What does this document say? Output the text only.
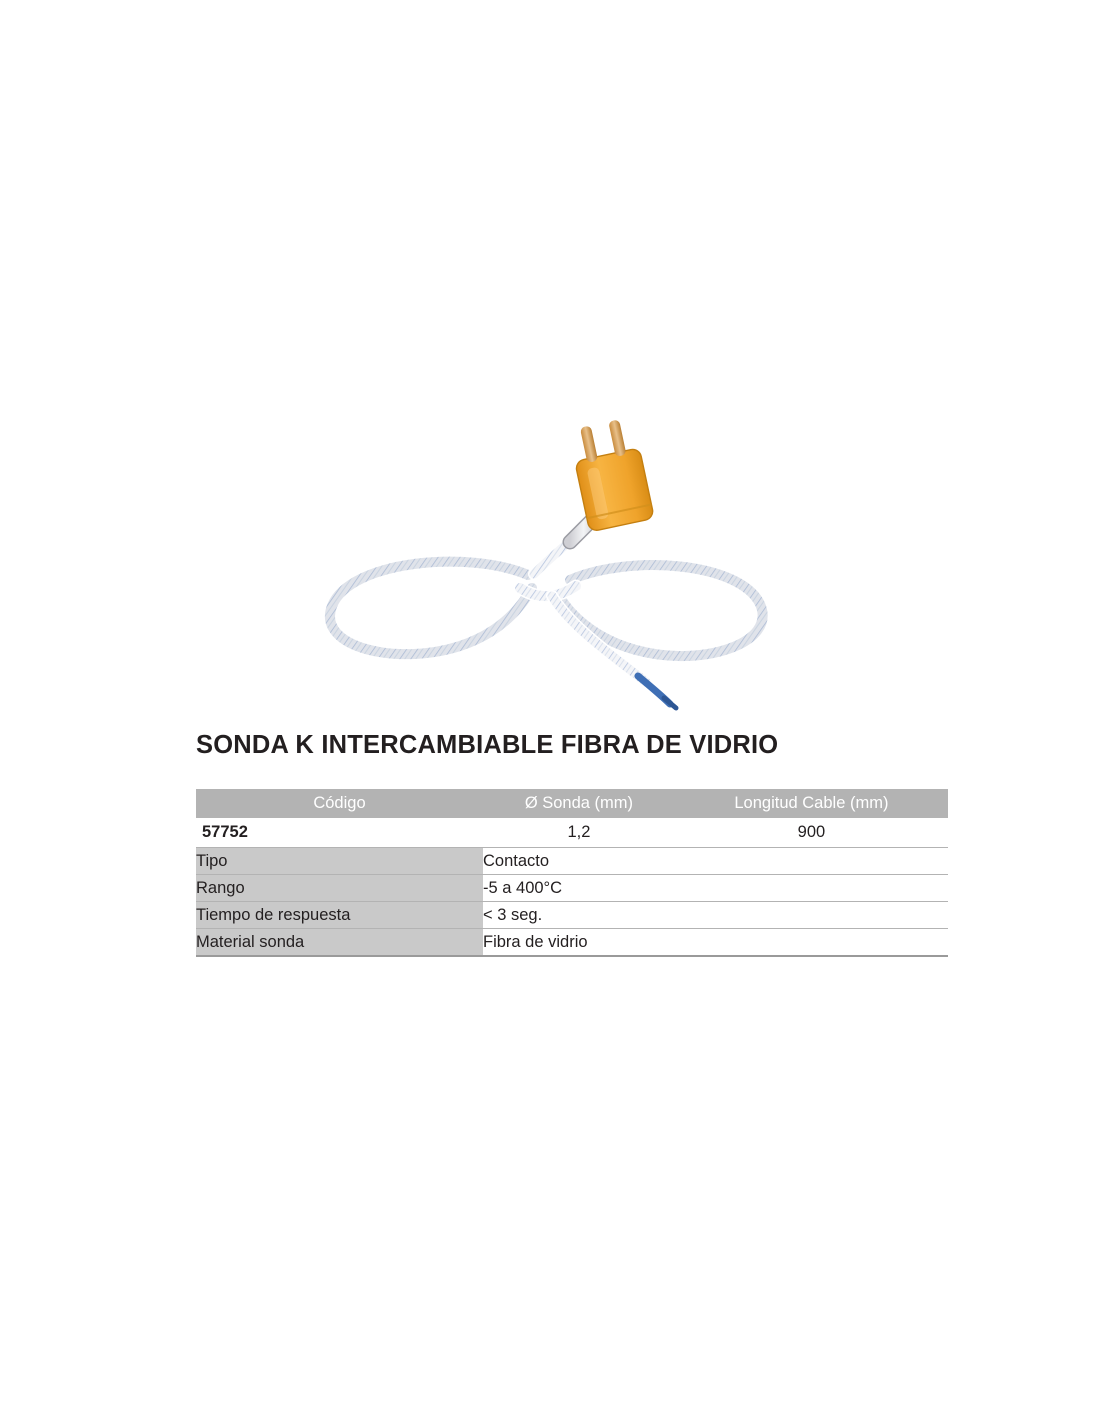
SONDA K INTERCAMBIABLE FIBRA DE VIDRIO
Código	Ø Sonda (mm)	Longitud Cable (mm)
57752	1,2	900
Tipo	Contacto	
Rango	-5 a 400°C	
Tiempo de respuesta	< 3 seg.	
Material sonda	Fibra de vidrio	
